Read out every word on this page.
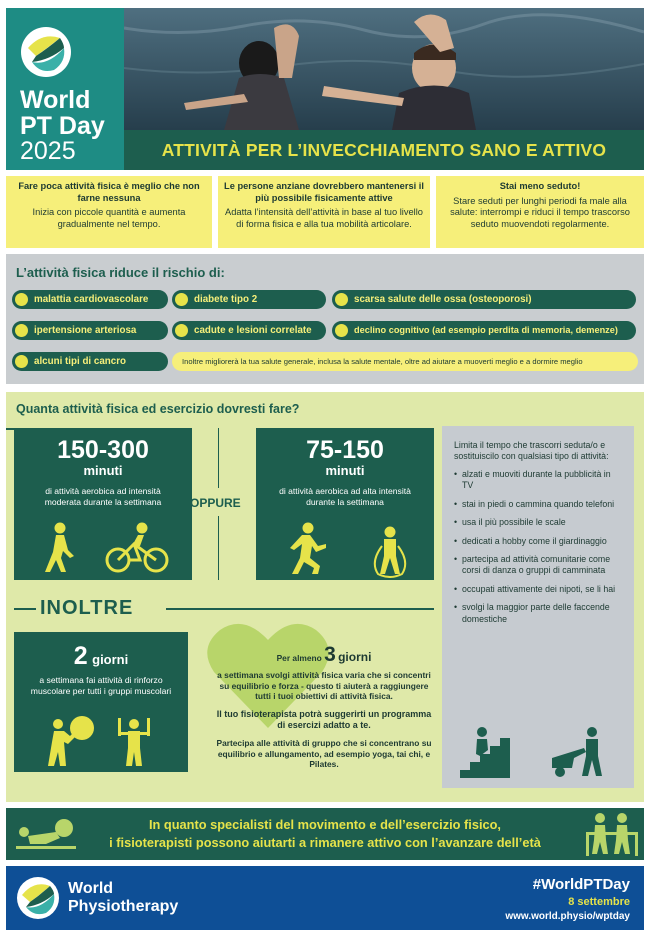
World
PT Day
2025	ATTIVITÀ PER L’INVECCHIAMENTO SANO E ATTIVO
Fare poca attività fisica è meglio che non farne nessuna
Inizia con piccole quantità e aumenta gradualmente nel tempo.
Le persone anziane dovrebbero mantenersi il più possibile fisicamente attive
Adatta l’intensità dell’attività in base al tuo livello di forma fisica e alla tua mobilità articolare.
Stai meno seduto!
Stare seduti per lunghi periodi fa male alla salute: interrompi e riduci il tempo trascorso seduto muovendoti regolarmente.
L’attività fisica riduce il rischio di:
malattia cardiovascolare	diabete tipo 2	scarsa salute delle ossa (osteoporosi)
ipertensione arteriosa	cadute e lesioni correlate	declino cognitivo (ad esempio perdita di memoria, demenze)
alcuni tipi di cancro	Inoltre migliorerà la tua salute generale, inclusa la salute mentale, oltre ad aiutare a muoverti meglio e a dormire meglio
Quanta attività fisica ed esercizio dovresti fare?
150-300
minuti
di attività aerobica ad intensità moderata durante la settimana	OPPURE
75-150
minuti
di attività aerobica ad alta intensità durante la settimana
INOLTRE
2 giorni
a settimana fai attività di rinforzo muscolare per tutti i gruppi muscolari
Per almeno 3 giorni
a settimana svolgi attività fisica varia che si concentri su equilibrio e forza - questo ti aiuterà a raggiungere tutti i tuoi obiettivi di attività fisica.
Il tuo fisioterapista potrà suggerirti un programma di esercizi adatto a te.
Partecipa alle attività di gruppo che si concentrano su equilibrio e allungamento, ad esempio yoga, tai chi, e Pilates.
Limita il tempo che trascorri seduta/o e sostituiscilo con qualsiasi tipo di attività:
• alzati e muoviti durante la pubblicità in TV
• stai in piedi o cammina quando telefoni
• usa il più possibile le scale
• dedicati a hobby come il giardinaggio
• partecipa ad attività comunitarie come corsi di danza o gruppi di camminata
• occupati attivamente dei nipoti, se li hai
• svolgi la maggior parte delle faccende domestiche
In quanto specialisti del movimento e dell’esercizio fisico,
i fisioterapisti possono aiutarti a rimanere attivo con l’avanzare dell’età
World
Physiotherapy
#WorldPTDay
8 settembre
www.world.physio/wptday
